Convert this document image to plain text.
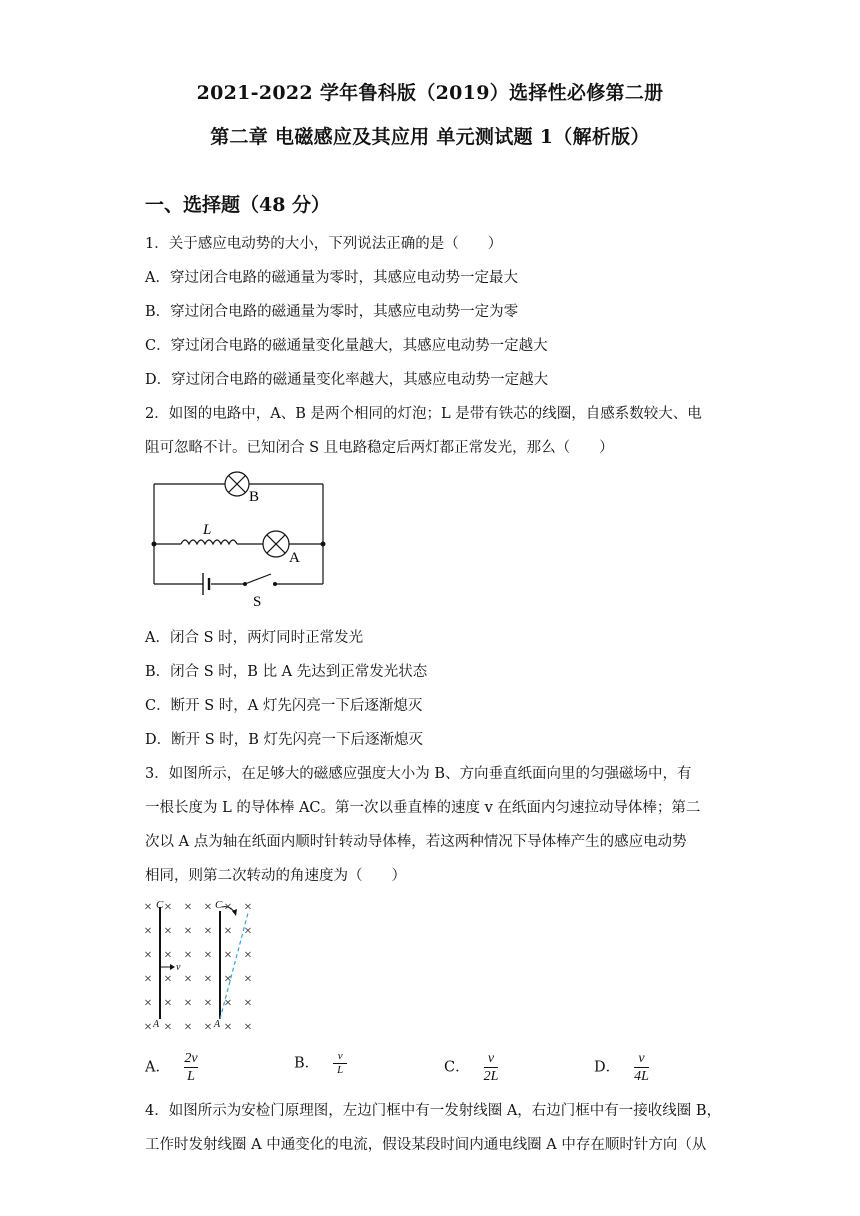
2021-2022 学年鲁科版（2019）选择性必修第二册
第二章 电磁感应及其应用 单元测试题 1（解析版）
一、选择题（48 分）
1．关于感应电动势的大小，下列说法正确的是（　　）
A．穿过闭合电路的磁通量为零时，其感应电动势一定最大
B．穿过闭合电路的磁通量为零时，其感应电动势一定为零
C．穿过闭合电路的磁通量变化量越大，其感应电动势一定越大
D．穿过闭合电路的磁通量变化率越大，其感应电动势一定越大
2．如图的电路中，A、B 是两个相同的灯泡；L 是带有铁芯的线圈，自感系数较大、电
阻可忽略不计。已知闭合 S 且电路稳定后两灯都正常发光，那么（　　）
B
A
L
S
A．闭合 S 时，两灯同时正常发光
B．闭合 S 时，B 比 A 先达到正常发光状态
C．断开 S 时，A 灯先闪亮一下后逐渐熄灭
D．断开 S 时，B 灯先闪亮一下后逐渐熄灭
3．如图所示，在足够大的磁感应强度大小为 B、方向垂直纸面向里的匀强磁场中，有
一根长度为 L 的导体棒 AC。第一次以垂直棒的速度 v 在纸面内匀速拉动导体棒；第二
次以 A 点为轴在纸面内顺时针转动导体棒，若这两种情况下导体棒产生的感应电动势
相同，则第二次转动的角速度为（　　）
× × × × × ×
× × × × × ×
× × × × × ×
× × × × × ×
× × × × × ×
× × × × × ×
v
C	C
A	A
A． $\frac{2v}{L}$	B． $\frac{v}{L}$	C． $\frac{v}{2L}$	D． $\frac{v}{4L}$
4．如图所示为安检门原理图，左边门框中有一发射线圈 A，右边门框中有一接收线圈 B，
工作时发射线圈 A 中通变化的电流，假设某段时间内通电线圈 A 中存在顺时针方向（从
